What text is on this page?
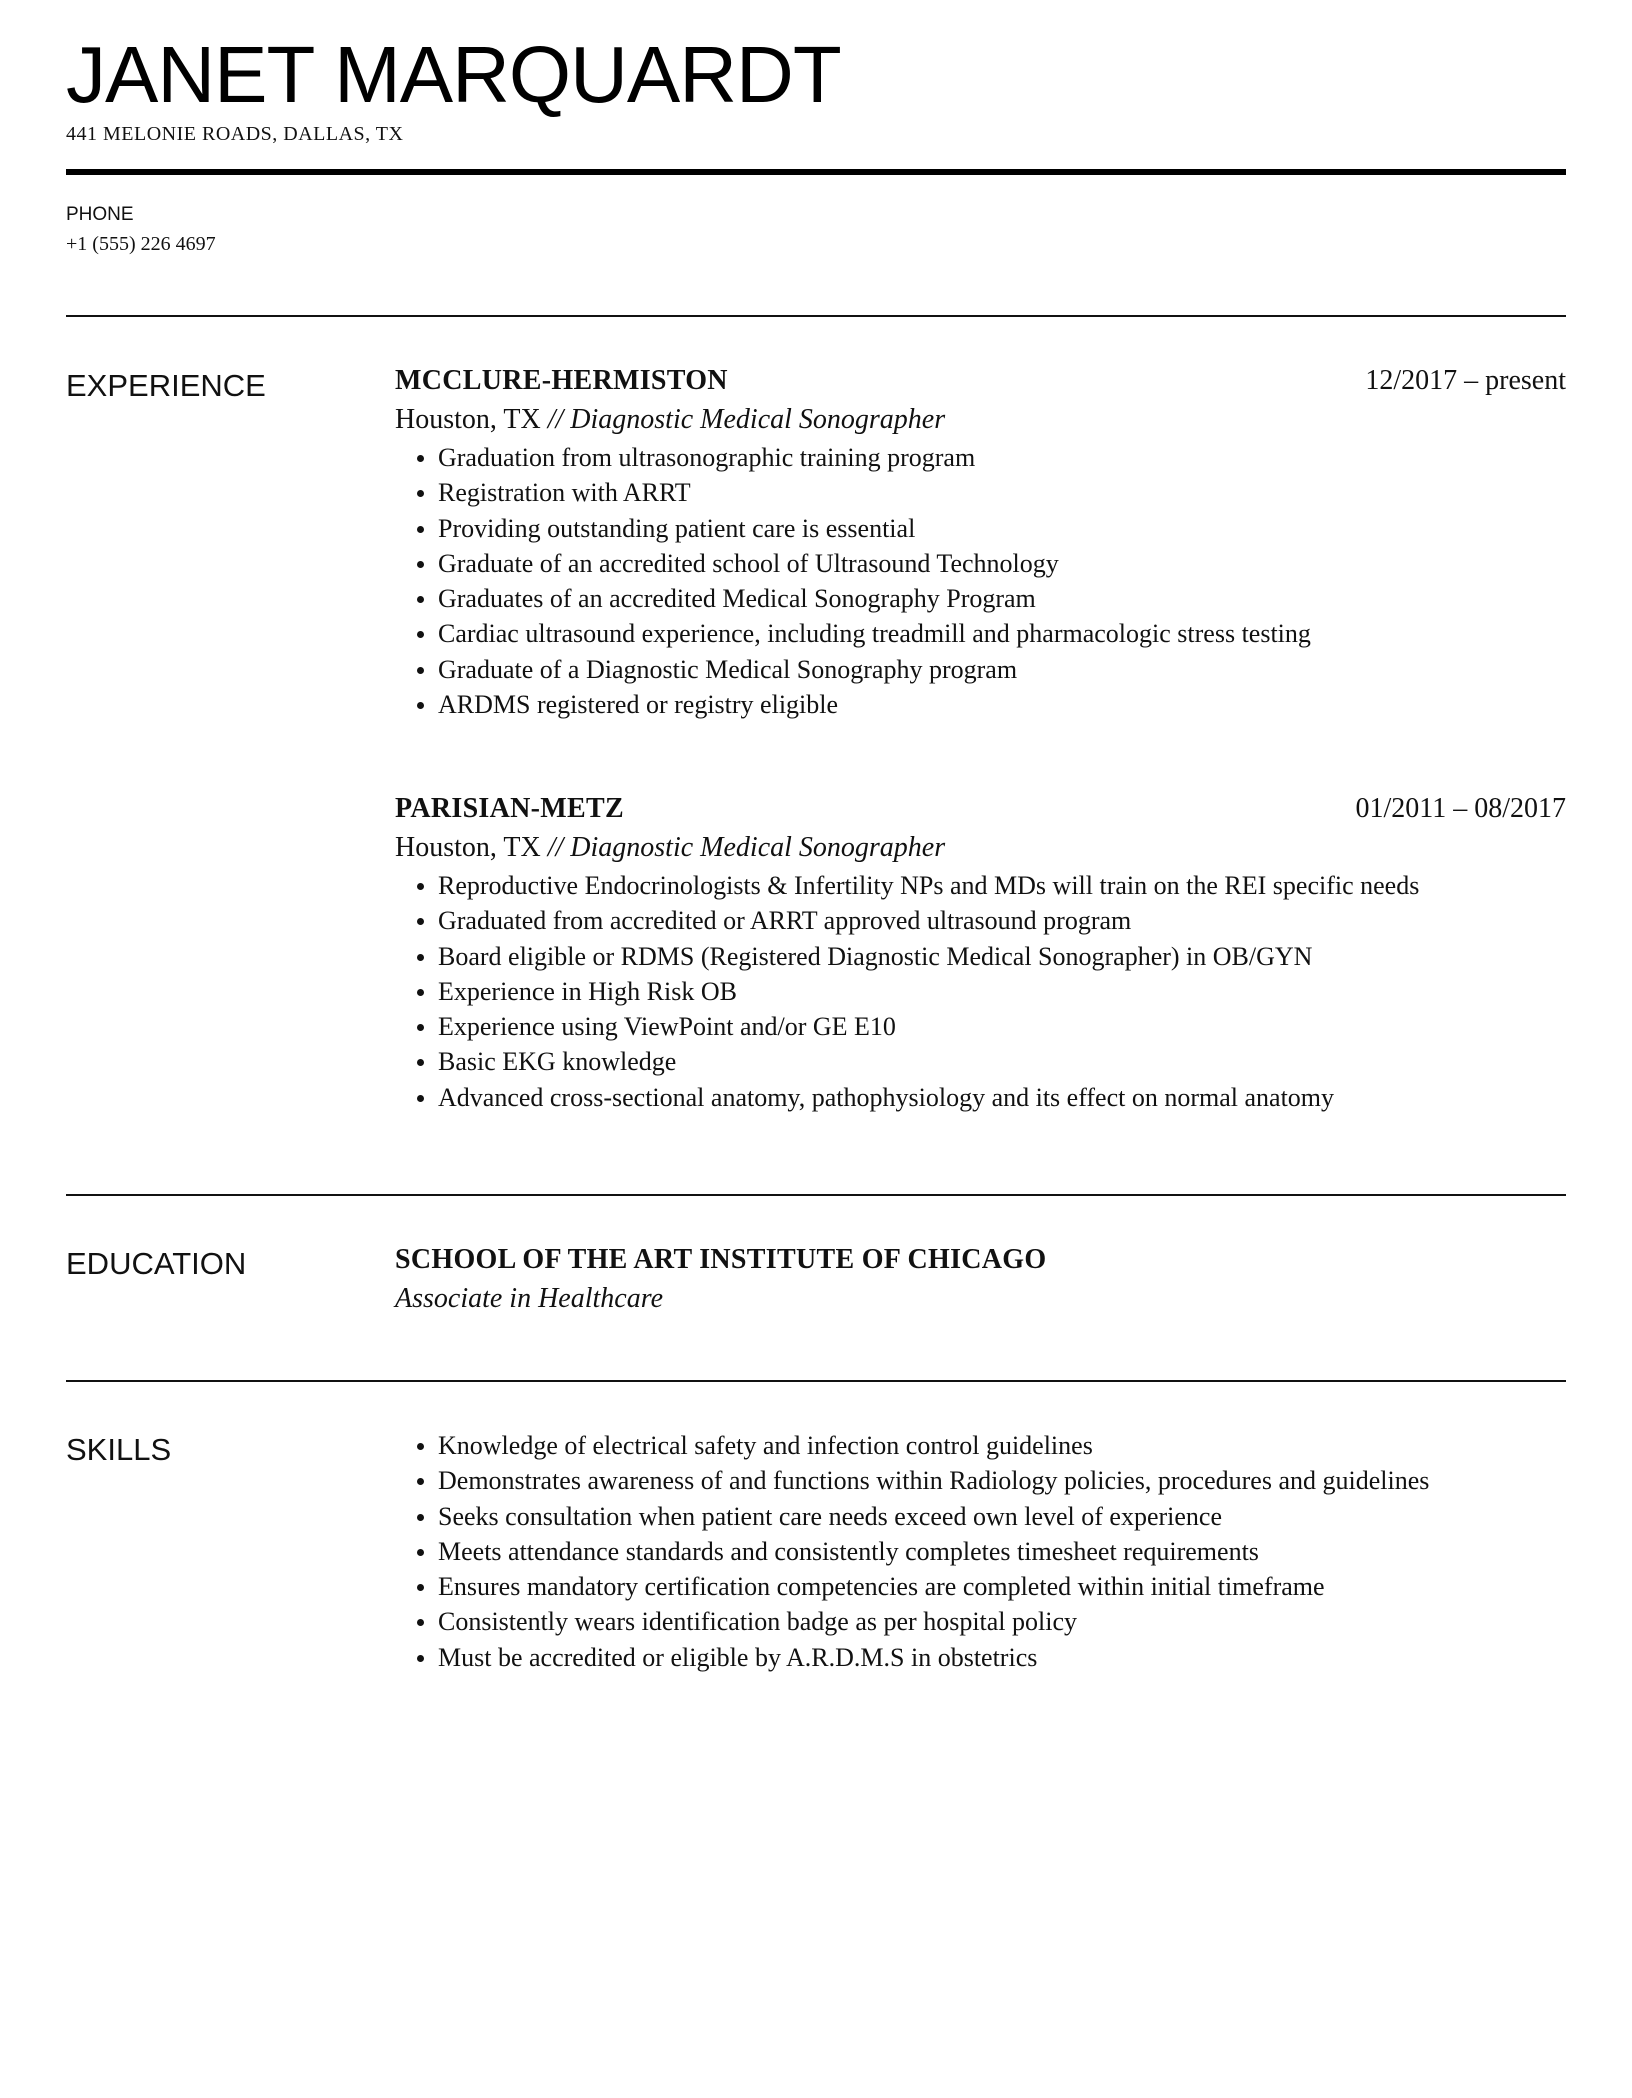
JANET MARQUARDT
441 MELONIE ROADS, DALLAS, TX
PHONE
+1 (555) 226 4697
EXPERIENCE	MCCLURE-HERMISTON	12/2017 – present
Houston, TX // Diagnostic Medical Sonographer
Graduation from ultrasonographic training program
Registration with ARRT
Providing outstanding patient care is essential
Graduate of an accredited school of Ultrasound Technology
Graduates of an accredited Medical Sonography Program
Cardiac ultrasound experience, including treadmill and pharmacologic stress testing
Graduate of a Diagnostic Medical Sonography program
ARDMS registered or registry eligible
PARISIAN-METZ	01/2011 – 08/2017
Houston, TX // Diagnostic Medical Sonographer
Reproductive Endocrinologists & Infertility NPs and MDs will train on the REI specific needs
Graduated from accredited or ARRT approved ultrasound program
Board eligible or RDMS (Registered Diagnostic Medical Sonographer) in OB/GYN
Experience in High Risk OB
Experience using ViewPoint and/or GE E10
Basic EKG knowledge
Advanced cross-sectional anatomy, pathophysiology and its effect on normal anatomy
EDUCATION	SCHOOL OF THE ART INSTITUTE OF CHICAGO
Associate in Healthcare
SKILLS	Knowledge of electrical safety and infection control guidelines
Demonstrates awareness of and functions within Radiology policies, procedures and guidelines
Seeks consultation when patient care needs exceed own level of experience
Meets attendance standards and consistently completes timesheet requirements
Ensures mandatory certification competencies are completed within initial timeframe
Consistently wears identification badge as per hospital policy
Must be accredited or eligible by A.R.D.M.S in obstetrics
